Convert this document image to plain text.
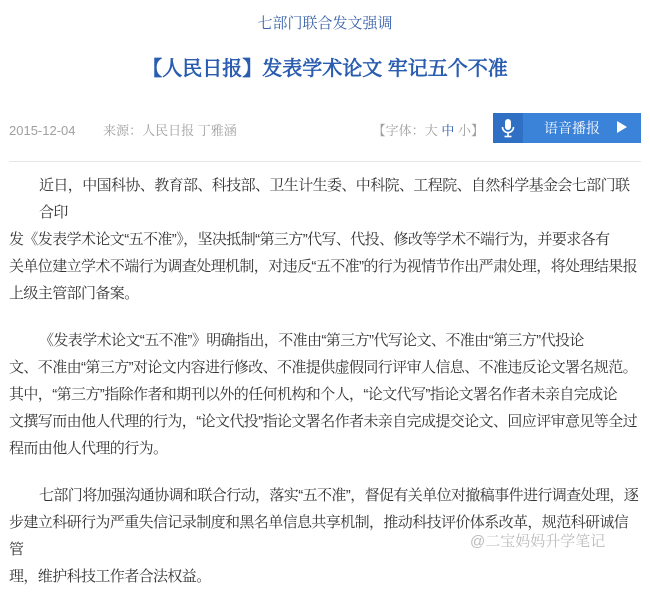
七部门联合发文强调
【人民日报】发表学术论文 牢记五个不准
2015-12-04 来源：人民日报 丁雅涵	【字体：大 中 小】	语音播报
近日，中国科协、教育部、科技部、卫生计生委、中科院、工程院、自然科学基金会七部门联合印
发《发表学术论文“五不准”》，坚决抵制“第三方”代写、代投、修改等学术不端行为，并要求各有
关单位建立学术不端行为调查处理机制，对违反“五不准”的行为视情节作出严肃处理，将处理结果报
上级主管部门备案。
《发表学术论文“五不准”》明确指出，不准由“第三方”代写论文、不准由“第三方”代投论
文、不准由“第三方”对论文内容进行修改、不准提供虚假同行评审人信息、不准违反论文署名规范。
其中，“第三方”指除作者和期刊以外的任何机构和个人，“论文代写”指论文署名作者未亲自完成论
文撰写而由他人代理的行为，“论文代投”指论文署名作者未亲自完成提交论文、回应评审意见等全过
程而由他人代理的行为。
七部门将加强沟通协调和联合行动，落实“五不准”，督促有关单位对撤稿事件进行调查处理，逐
步建立科研行为严重失信记录制度和黑名单信息共享机制，推动科技评价体系改革，规范科研诚信管
理，维护科技工作者合法权益。
@二宝妈妈升学笔记
